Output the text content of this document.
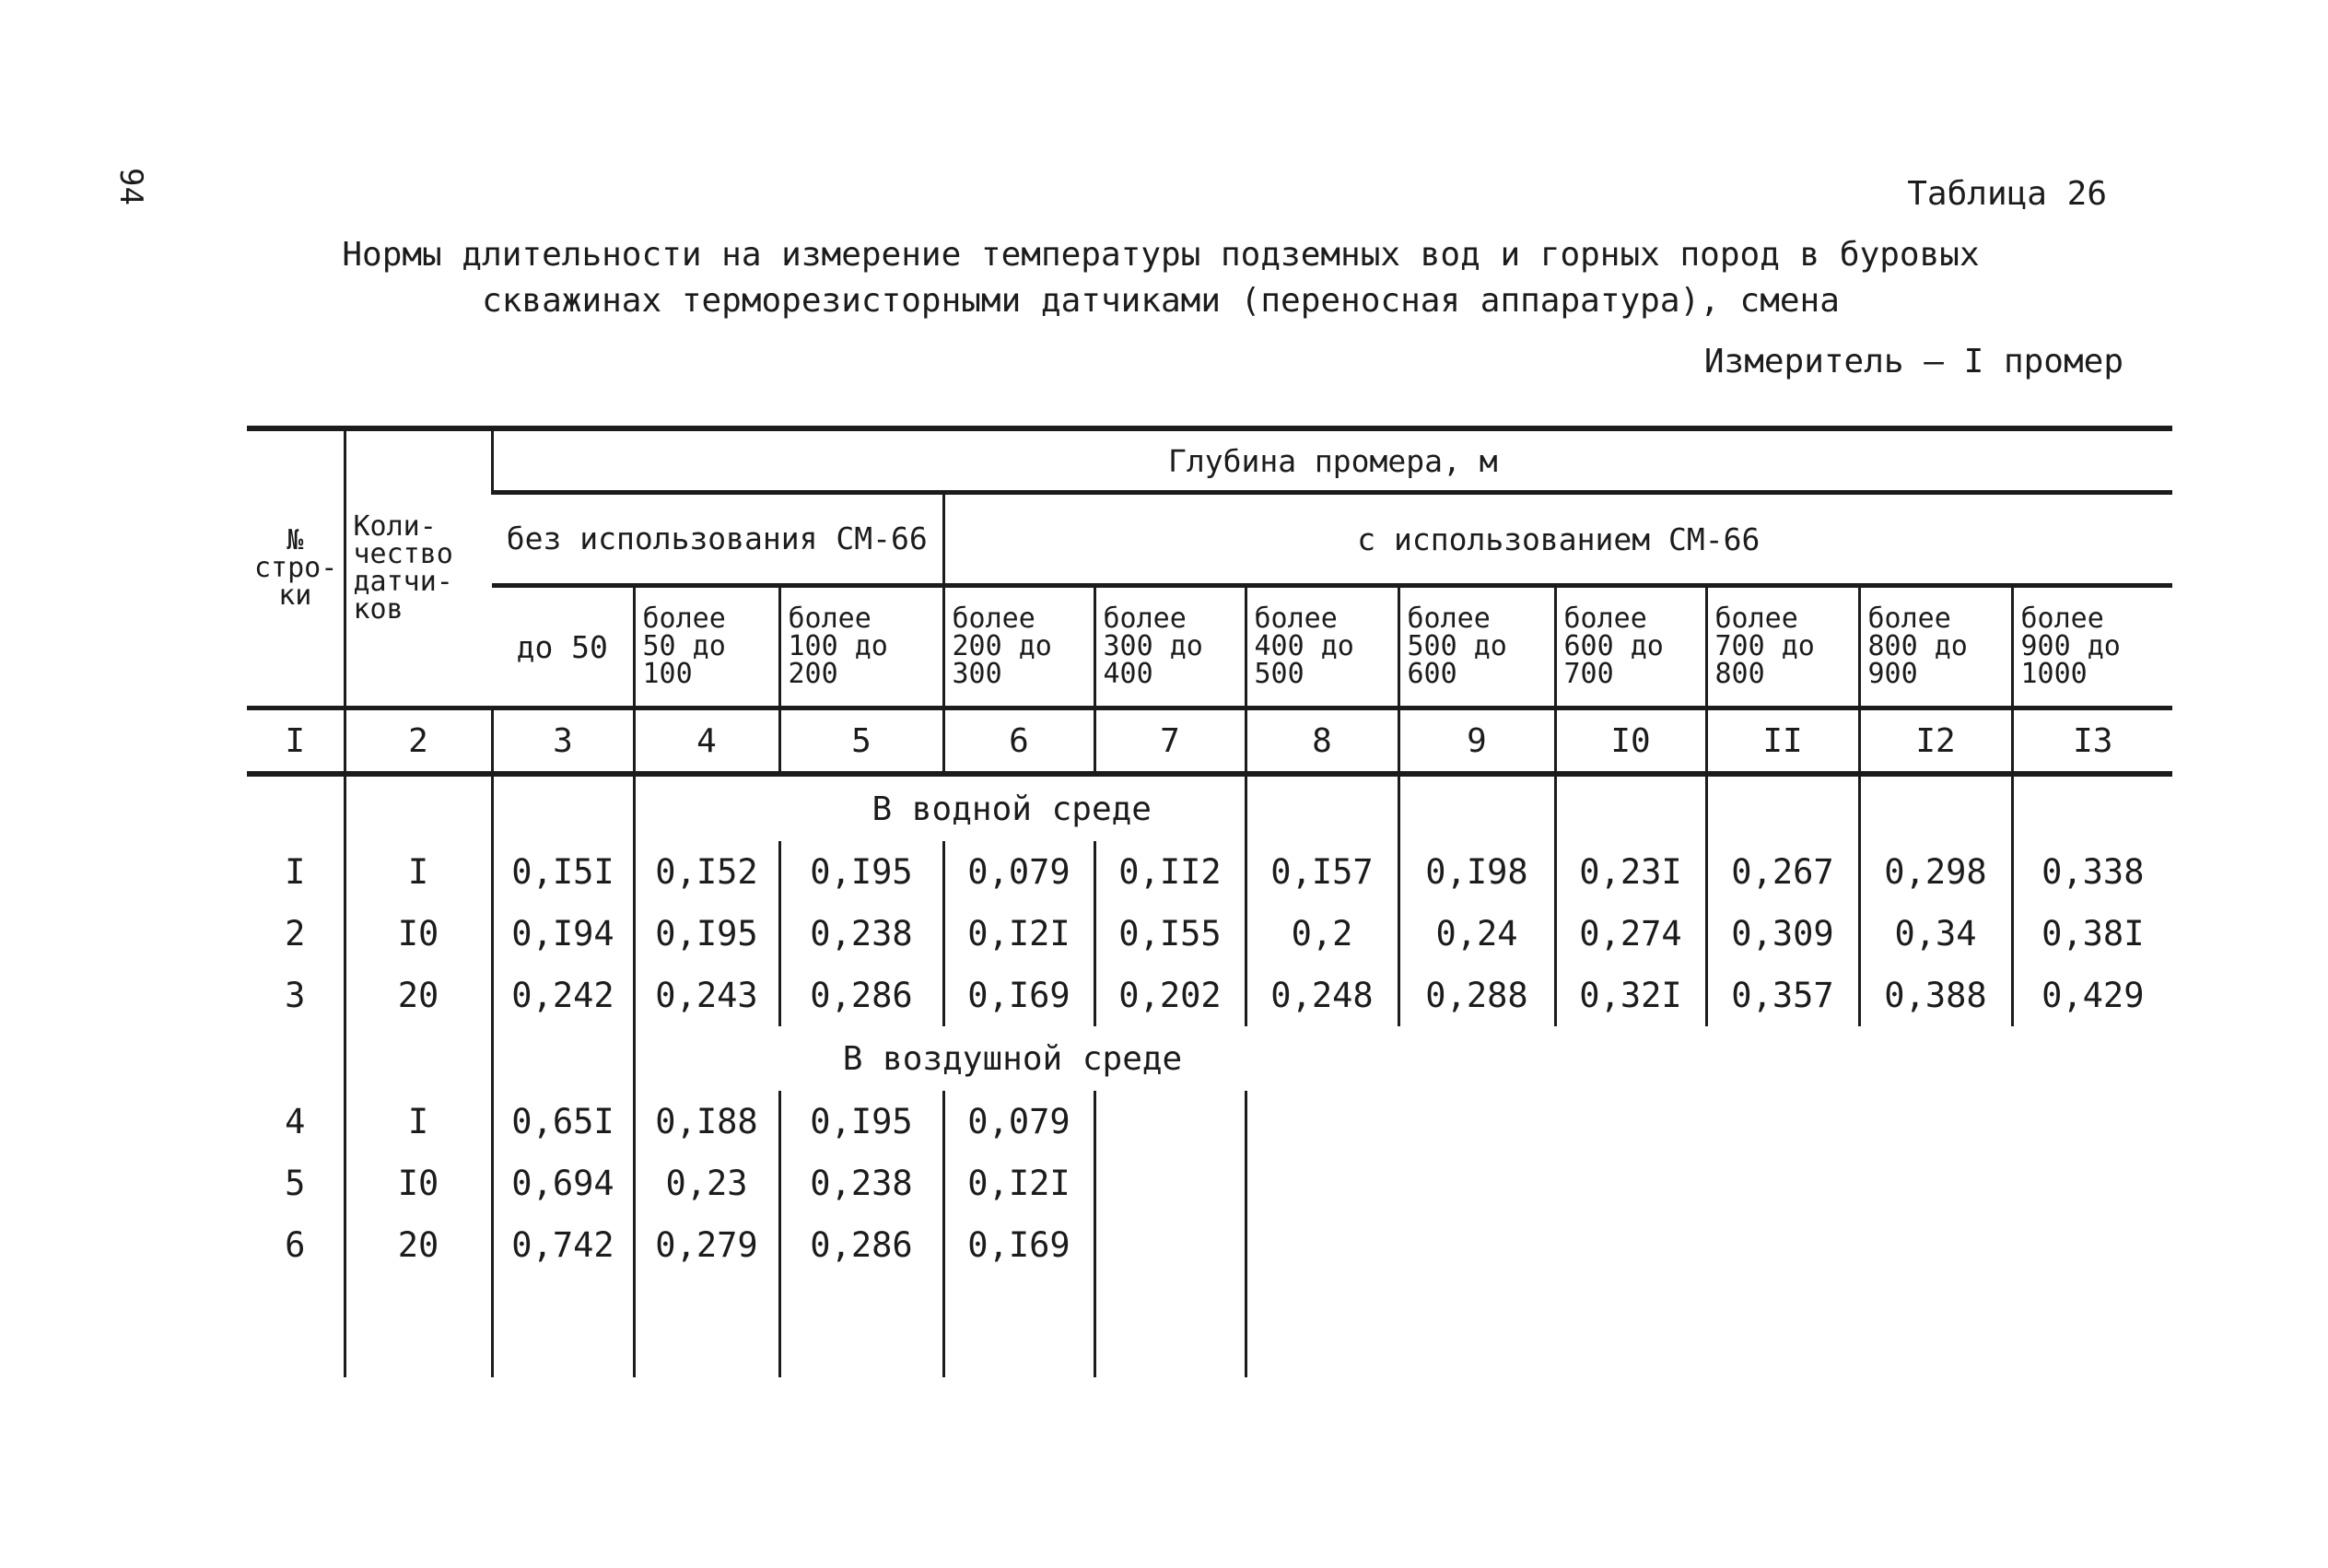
94	Таблица 26
Нормы длительности на измерение температуры подземных вод и горных пород в буровых
скважинах терморезисторными датчиками (переносная аппаратура), смена
Измеритель – I промер
№ стро-ки	Коли-чество датчи-ков	Глубина промера, м										
		без использования СМ-66			с использованием СМ-66							
		до 50	более 50 до 100	более 100 до 200	более 200 до 300	более 300 до 400	более 400 до 500	более 500 до 600	более 600 до 700	более 700 до 800	более 800 до 900	более 900 до 1000
I	2	3	4	5	6	7	8	9	I0	II	I2	I3
				В водной среде								
I	I	0,I5I	0,I52	0,I95	0,079	0,II2	0,I57	0,I98	0,23I	0,267	0,298	0,338
2	I0	0,I94	0,I95	0,238	0,I2I	0,I55	0,2	0,24	0,274	0,309	0,34	0,38I
3	20	0,242	0,243	0,286	0,I69	0,202	0,248	0,288	0,32I	0,357	0,388	0,429
				В воздушной среде								
4	I	0,65I	0,I88	0,I95	0,079							
5	I0	0,694	0,23	0,238	0,I2I							
6	20	0,742	0,279	0,286	0,I69							
